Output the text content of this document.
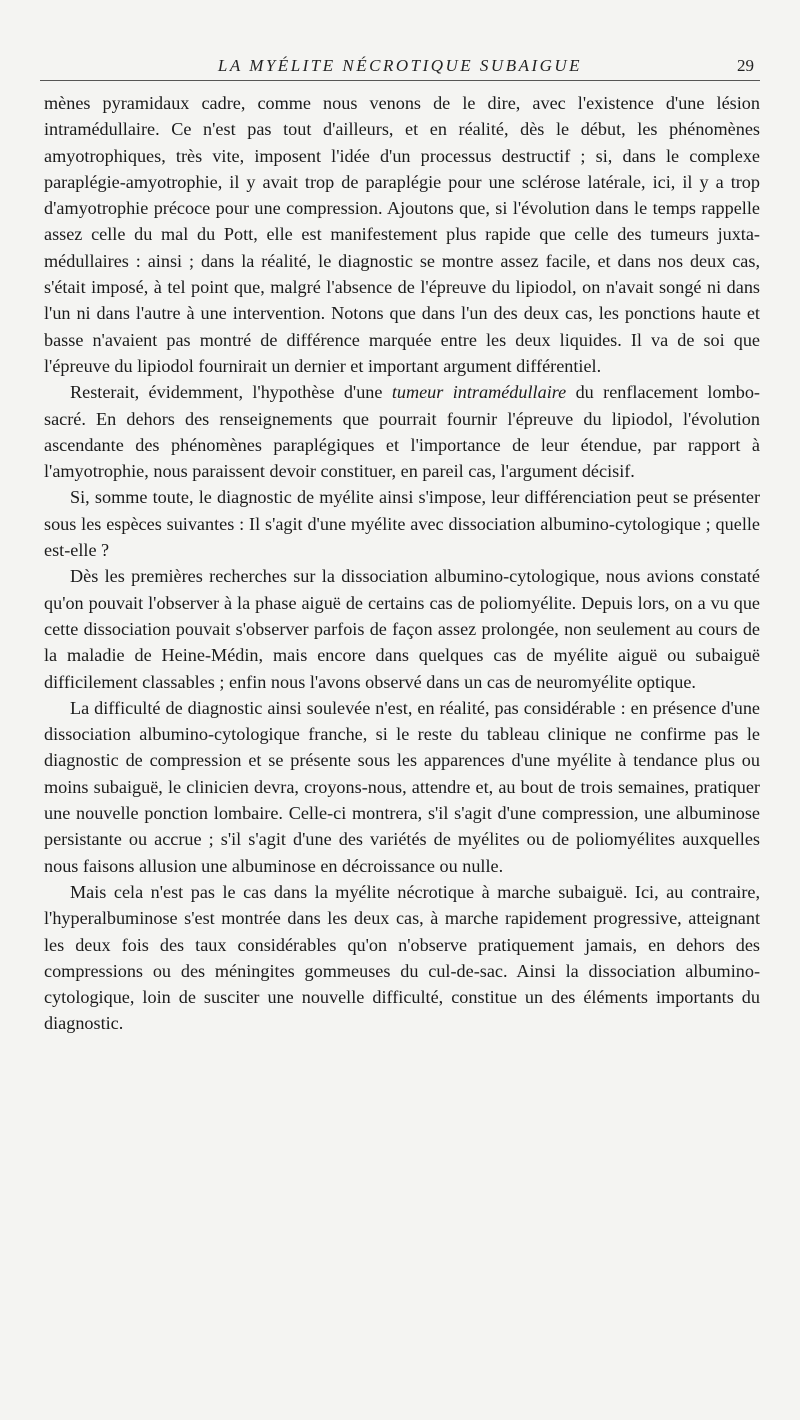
LA MYÉLITE NÉCROTIQUE SUBAIGUE	29

mènes pyramidaux cadre, comme nous venons de le dire, avec l'existence d'une lésion intramédullaire. Ce n'est pas tout d'ailleurs, et en réalité, dès le début, les phénomènes amyotrophiques, très vite, imposent l'idée d'un processus destructif ; si, dans le complexe paraplégie-amyotrophie, il y avait trop de paraplégie pour une sclérose latérale, ici, il y a trop d'amyotrophie précoce pour une compression. Ajoutons que, si l'évolution dans le temps rappelle assez celle du mal du Pott, elle est manifestement plus rapide que celle des tumeurs juxta-médullaires : ainsi ; dans la réalité, le diagnostic se montre assez facile, et dans nos deux cas, s'était imposé, à tel point que, malgré l'absence de l'épreuve du lipiodol, on n'avait songé ni dans l'un ni dans l'autre à une intervention. Notons que dans l'un des deux cas, les ponctions haute et basse n'avaient pas montré de différence marquée entre les deux liquides. Il va de soi que l'épreuve du lipiodol fournirait un dernier et important argument différentiel.

Resterait, évidemment, l'hypothèse d'une tumeur intramédullaire du renflacement lombo-sacré. En dehors des renseignements que pourrait fournir l'épreuve du lipiodol, l'évolution ascendante des phénomènes paraplégiques et l'importance de leur étendue, par rapport à l'amyotrophie, nous paraissent devoir constituer, en pareil cas, l'argument décisif.

Si, somme toute, le diagnostic de myélite ainsi s'impose, leur différenciation peut se présenter sous les espèces suivantes : Il s'agit d'une myélite avec dissociation albumino-cytologique ; quelle est-elle ?

Dès les premières recherches sur la dissociation albumino-cytologique, nous avions constaté qu'on pouvait l'observer à la phase aiguë de certains cas de poliomyélite. Depuis lors, on a vu que cette dissociation pouvait s'observer parfois de façon assez prolongée, non seulement au cours de la maladie de Heine-Médin, mais encore dans quelques cas de myélite aiguë ou subaiguë difficilement classables ; enfin nous l'avons observé dans un cas de neuromyélite optique.

La difficulté de diagnostic ainsi soulevée n'est, en réalité, pas considérable : en présence d'une dissociation albumino-cytologique franche, si le reste du tableau clinique ne confirme pas le diagnostic de compression et se présente sous les apparences d'une myélite à tendance plus ou moins subaiguë, le clinicien devra, croyons-nous, attendre et, au bout de trois semaines, pratiquer une nouvelle ponction lombaire. Celle-ci montrera, s'il s'agit d'une compression, une albuminose persistante ou accrue ; s'il s'agit d'une des variétés de myélites ou de poliomyélites auxquelles nous faisons allusion une albuminose en décroissance ou nulle.

Mais cela n'est pas le cas dans la myélite nécrotique à marche subaiguë. Ici, au contraire, l'hyperalbuminose s'est montrée dans les deux cas, à marche rapidement progressive, atteignant les deux fois des taux considérables qu'on n'observe pratiquement jamais, en dehors des compressions ou des méningites gommeuses du cul-de-sac. Ainsi la dissociation albumino-cytologique, loin de susciter une nouvelle difficulté, constitue un des éléments importants du diagnostic.
